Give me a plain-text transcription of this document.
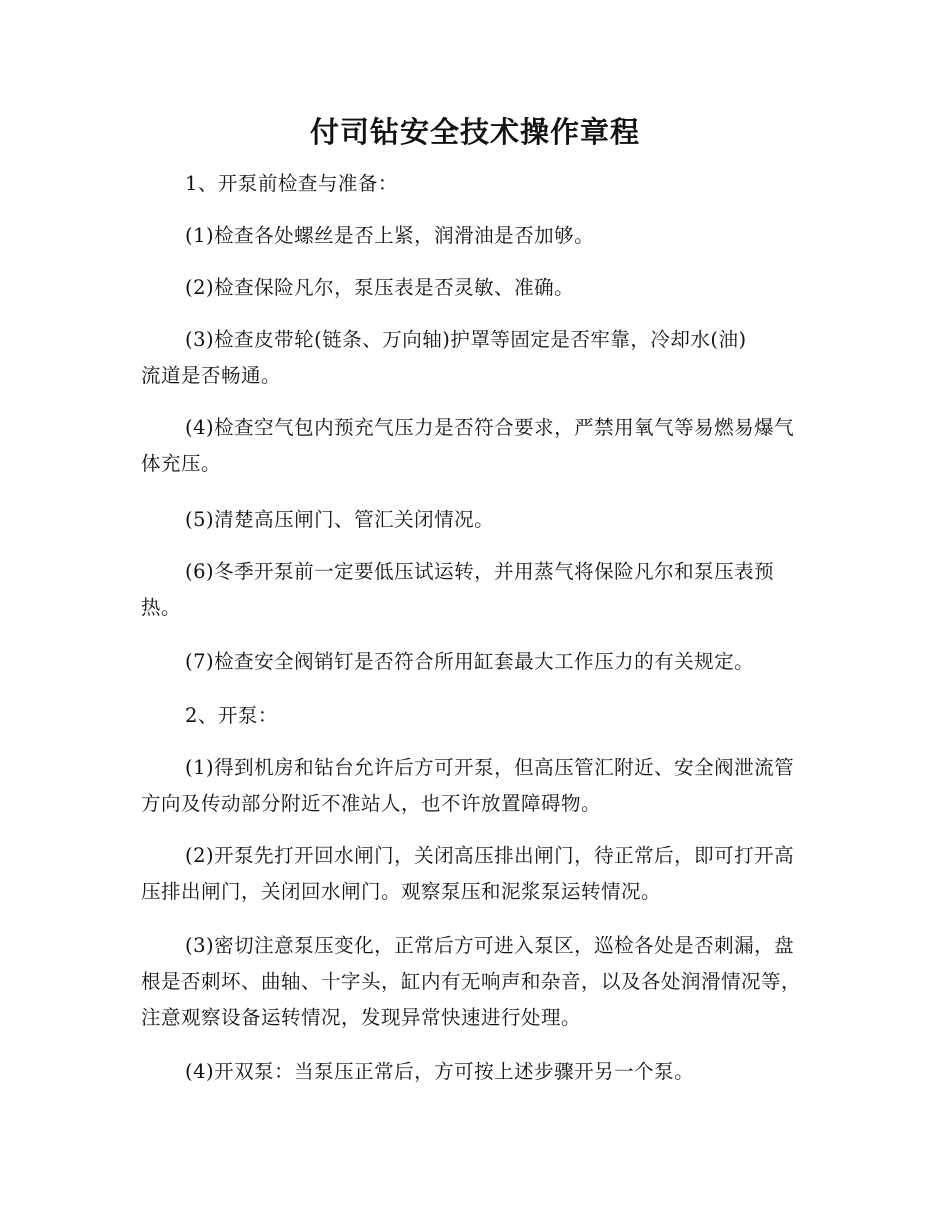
付司钻安全技术操作章程

1、开泵前检查与准备：

(1)检查各处螺丝是否上紧，润滑油是否加够。

(2)检查保险凡尔，泵压表是否灵敏、准确。

(3)检查皮带轮(链条、万向轴)护罩等固定是否牢靠，冷却水(油)流道是否畅通。

(4)检查空气包内预充气压力是否符合要求，严禁用氧气等易燃易爆气体充压。

(5)清楚高压闸门、管汇关闭情况。

(6)冬季开泵前一定要低压试运转，并用蒸气将保险凡尔和泵压表预热。

(7)检查安全阀销钉是否符合所用缸套最大工作压力的有关规定。

2、开泵：

(1)得到机房和钻台允许后方可开泵，但高压管汇附近、安全阀泄流管方向及传动部分附近不准站人，也不许放置障碍物。

(2)开泵先打开回水闸门，关闭高压排出闸门，待正常后，即可打开高压排出闸门，关闭回水闸门。观察泵压和泥浆泵运转情况。

(3)密切注意泵压变化，正常后方可进入泵区，巡检各处是否刺漏，盘根是否刺坏、曲轴、十字头，缸内有无响声和杂音，以及各处润滑情况等，注意观察设备运转情况，发现异常快速进行处理。

(4)开双泵：当泵压正常后，方可按上述步骤开另一个泵。
